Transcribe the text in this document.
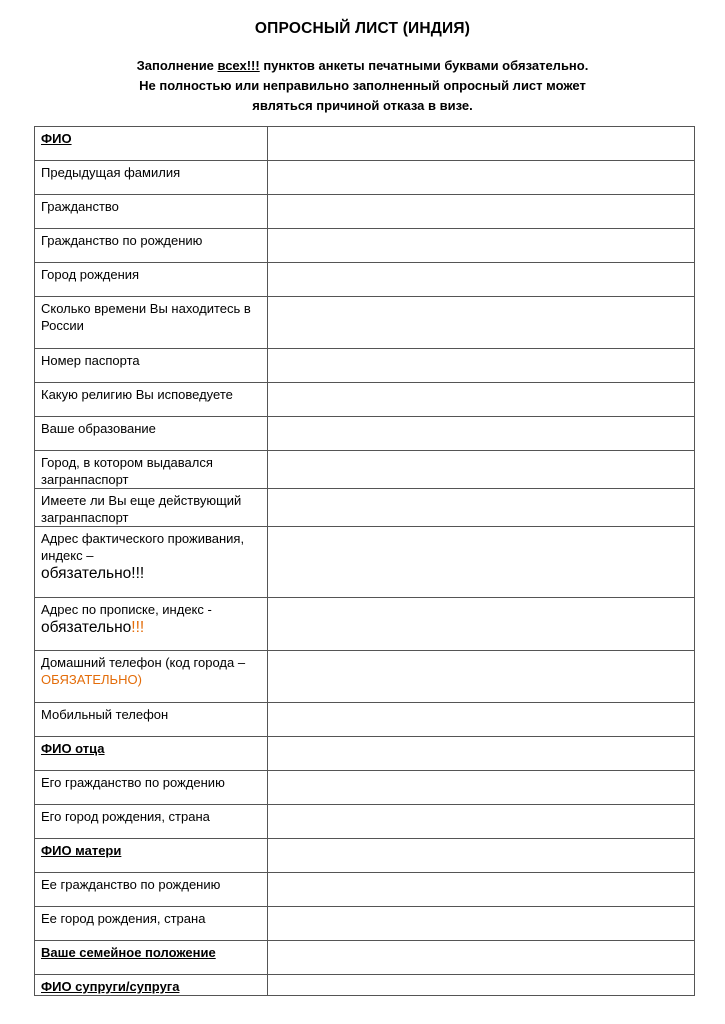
ОПРОСНЫЙ ЛИСТ (ИНДИЯ)
Заполнение всех!!! пунктов анкеты печатными буквами обязательно.
Не полностью или неправильно заполненный опросный лист может
являться причиной отказа в визе.
ФИО	
Предыдущая фамилия	
Гражданство	
Гражданство по рождению	
Город рождения	
Сколько времени Вы находитесь в России	
Номер паспорта	
Какую религию Вы исповедуете	
Ваше образование	
Город, в котором выдавался загранпаспорт	
Имеете ли Вы еще действующий загранпаспорт	
Адрес фактического проживания, индекс –
обязательно!!!	
Адрес по прописке, индекс -
обязательно!!!	
Домашний телефон (код города – ОБЯЗАТЕЛЬНО)	
Мобильный телефон	
ФИО отца	
Его гражданство по рождению	
Его город рождения, страна	
ФИО матери	
Ее гражданство по рождению	
Ее город рождения, страна	
Ваше семейное положение	
ФИО супруги/супруга	
